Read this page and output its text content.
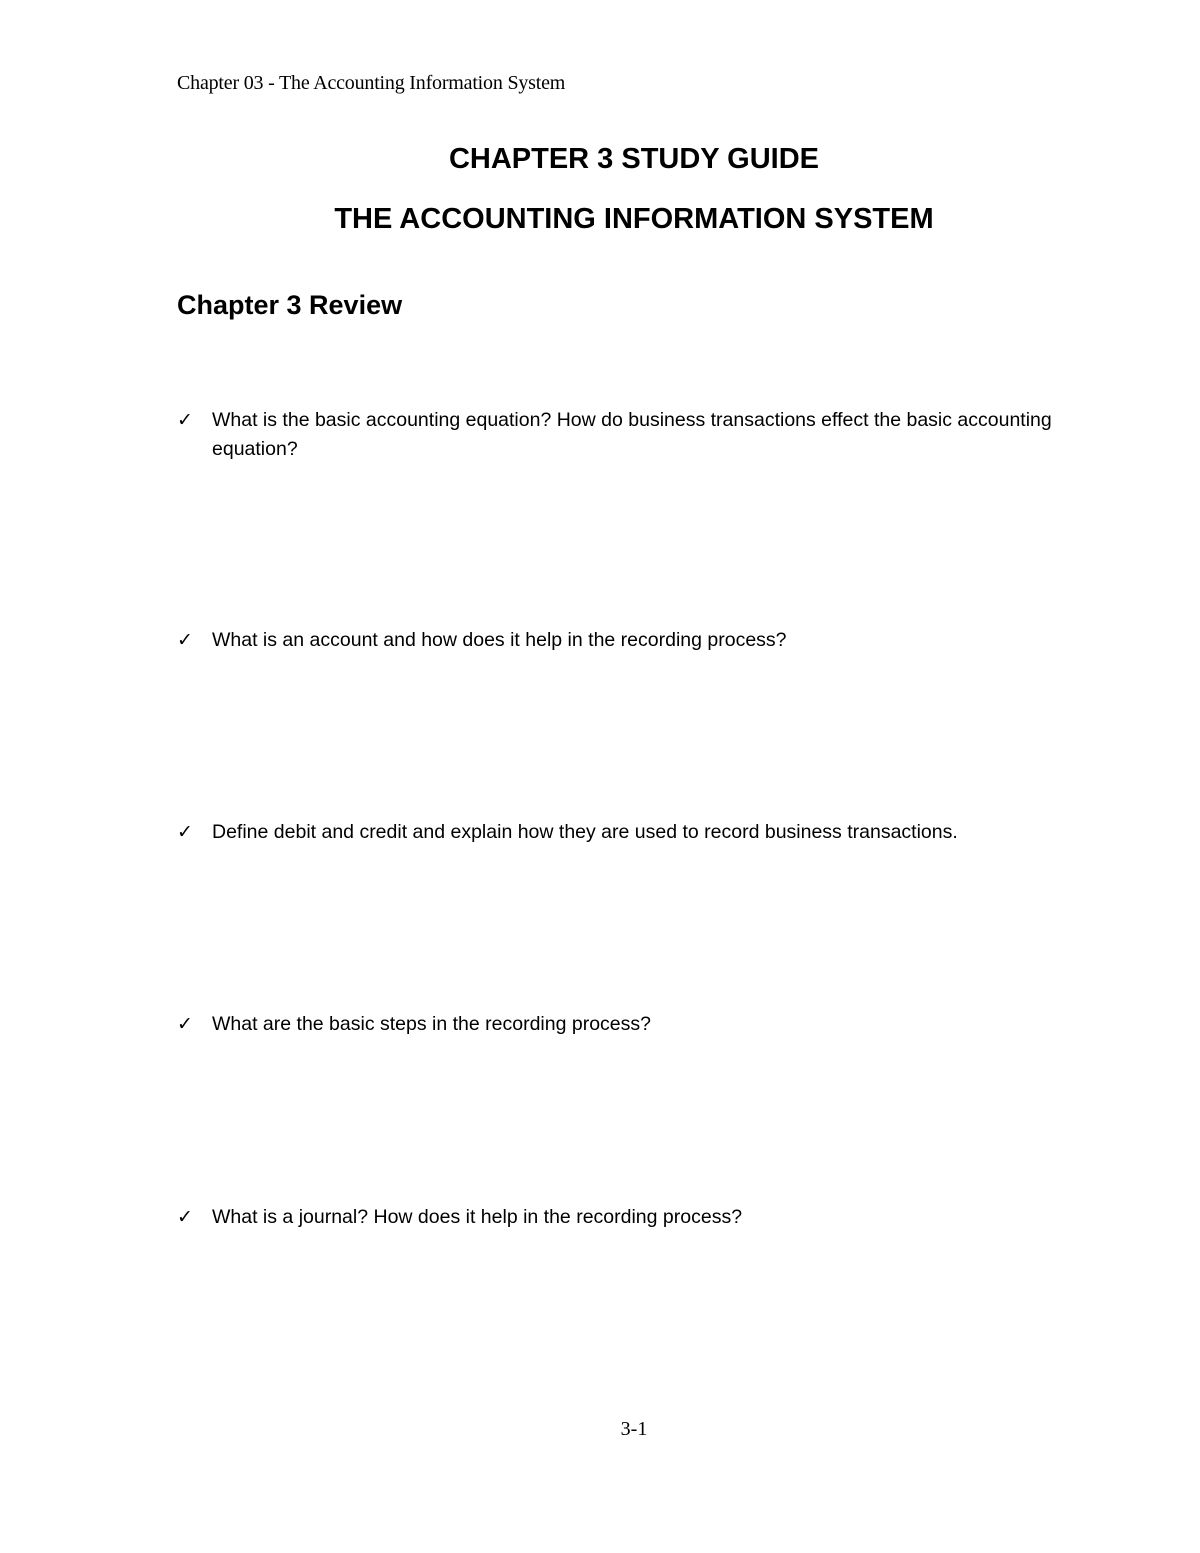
Chapter 03 - The Accounting Information System
CHAPTER 3 STUDY GUIDE
THE ACCOUNTING INFORMATION SYSTEM
Chapter 3 Review
✓ What is the basic accounting equation? How do business transactions effect the basic accounting equation?
✓ What is an account and how does it help in the recording process?
✓ Define debit and credit and explain how they are used to record business transactions.
✓ What are the basic steps in the recording process?
✓ What is a journal? How does it help in the recording process?
3-1
